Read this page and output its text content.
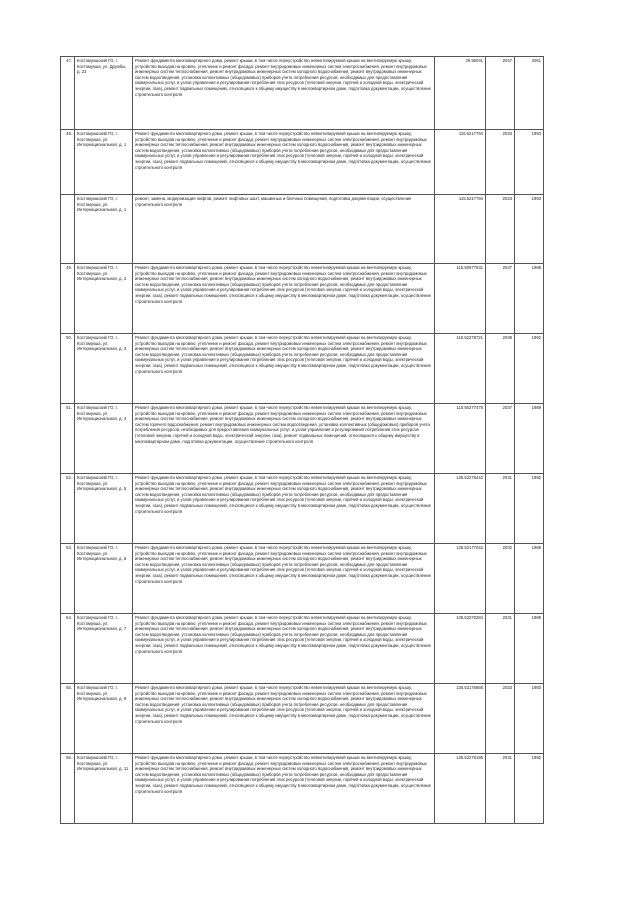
47.	Костомукшский ГО, г. Костомукша, ул. Дружбы, д. 23	Ремонт фундамента многоквартирного дома, ремонт крыши, в том числе переустройство невентилируемой крыши на вентилируемую крышу, устройство выходов на кровлю, утепление и ремонт фасада, ремонт внутридомовых инженерных систем электроснабжения, ремонт внутридомовых инженерных систем теплоснабжения, ремонт внутридомовых инженерных систем холодного водоснабжения, ремонт внутридомовых инженерных систем водоотведения, установка коллективных (общедомовых) приборов учета потребления ресурсов, необходимых для предоставления коммунальных услуг, и узлов управления и регулирования потребления этих ресурсов (тепловой энергии, горячей и холодной воды, электрической энергии, газа), ремонт подвальных помещений, относящихся к общему имуществу в многоквартирном доме, подготовка документации, осуществление строительного контроля	29 56031	2047	2051
48.	Костомукшский ГО, г. Костомукша, ул. Интернациональная, д. 1	Ремонт фундамента многоквартирного дома, ремонт крыши, в том числе переустройство невентилируемой крыши на вентилируемую крышу, устройство выходов на кровлю, утепление и ремонт фасада, ремонт внутридомовых инженерных систем электроснабжения, ремонт внутридомовых инженерных систем теплоснабжения, ремонт внутридомовых инженерных систем холодного водоснабжения, ремонт внутридомовых инженерных систем водоотведения, установка коллективных (общедомовых) приборов учета потребления ресурсов, необходимых для предоставления коммунальных услуг, и узлов управления и регулирования потребления этих ресурсов (тепловой энергии, горячей и холодной воды, электрической энергии, газа), ремонт подвальных помещений, относящихся к общему имуществу в многоквартирном доме, подготовка документации, осуществление строительного контроля	115.5217794	2033	1993
	Костомукшский ГО, г. Костомукша, ул. Интернациональная, д. 1	ремонт, замена, модернизация лифтов, ремонт лифтовых шахт, машинных и блочных помещений, подготовка документации, осуществление строительного контроля	115.5217794	2023	1993
49.	Костомукшский ГО, г. Костомукша, ул. Интернациональная, д. 2	Ремонт фундамента многоквартирного дома, ремонт крыши, в том числе переустройство невентилируемой крыши на вентилируемую крышу, устройство выходов на кровлю, утепление и ремонт фасада, ремонт внутридомовых инженерных систем электроснабжения, ремонт внутридомовых инженерных систем теплоснабжения, ремонт внутридомовых инженерных систем холодного водоснабжения, ремонт внутридомовых инженерных систем водоотведения, установка коллективных (общедомовых) приборов учета потребления ресурсов, необходимых для предоставления коммунальных услуг, и узлов управления и регулирования потребления этих ресурсов (тепловой энергии, горячей и холодной воды, электрической энергии, газа), ремонт подвальных помещений, относящихся к общему имуществу в многоквартирном доме, подготовка документации, осуществление строительного контроля	115.50977531	2037	1988
50.	Костомукшский ГО, г. Костомукша, ул. Интернациональная, д. 3	Ремонт фундамента многоквартирного дома, ремонт крыши, в том числе переустройство невентилируемой крыши на вентилируемую крышу, устройство выходов на кровлю, утепление и ремонт фасада, ремонт внутридомовых инженерных систем электроснабжения, ремонт внутридомовых инженерных систем теплоснабжения, ремонт внутридомовых инженерных систем холодного водоснабжения, ремонт внутридомовых инженерных систем водоотведения, установка коллективных (общедомовых) приборов учета потребления ресурсов, необходимых для предоставления коммунальных услуг, и узлов управления и регулирования потребления этих ресурсов (тепловой энергии, горячей и холодной воды, электрической энергии, газа), ремонт подвальных помещений, относящихся к общему имуществу в многоквартирном доме, подготовка документации, осуществление строительного контроля	115.52278721	2038	1992
51.	Костомукшский ГО, г. Костомукша, ул. Интернациональная, д. 4	Ремонт фундамента многоквартирного дома, ремонт крыши, в том числе переустройство невентилируемой крыши на вентилируемую крышу, устройство выходов на кровлю, утепление и ремонт фасада, ремонт внутридомовых инженерных систем электроснабжения, ремонт внутридомовых инженерных систем теплоснабжения, ремонт внутридомовых инженерных систем холодного водоснабжения, ремонт внутридомовых инженерных систем горячего водоснабжения, ремонт внутридомовых инженерных систем водоотведения, установка коллективных (общедомовых) приборов учета потребления ресурсов, необходимых для предоставления коммунальных услуг, и узлов управления и регулирования потребления этих ресурсов (тепловой энергии, горячей и холодной воды, электрической энергии, газа), ремонт подвальных помещений, относящихся к общему имуществу в многоквартирном доме, подготовка документации, осуществление строительного контроля	115.50277478	2037	1989
52.	Костомукшский ГО, г. Костомукша, ул. Интернациональная, д. 5	Ремонт фундамента многоквартирного дома, ремонт крыши, в том числе переустройство невентилируемой крыши на вентилируемую крышу, устройство выходов на кровлю, утепление и ремонт фасада, ремонт внутридомовых инженерных систем электроснабжения, ремонт внутридомовых инженерных систем теплоснабжения, ремонт внутридомовых инженерных систем холодного водоснабжения, ремонт внутридомовых инженерных систем водоотведения, установка коллективных (общедомовых) приборов учета потребления ресурсов, необходимых для предоставления коммунальных услуг, и узлов управления и регулирования потребления этих ресурсов (тепловой энергии, горячей и холодной воды, электрической энергии, газа), ремонт подвальных помещений, относящихся к общему имуществу в многоквартирном доме, подготовка документации, осуществление строительного контроля	135.52278442	2031	1992
53.	Костомукшский ГО, г. Костомукша, ул. Интернациональная, д. 6	Ремонт фундамента многоквартирного дома, ремонт крыши, в том числе переустройство невентилируемой крыши на вентилируемую крышу, устройство выходов на кровлю, утепление и ремонт фасада, ремонт внутридомовых инженерных систем электроснабжения, ремонт внутридомовых инженерных систем теплоснабжения, ремонт внутридомовых инженерных систем холодного водоснабжения, ремонт внутридомовых инженерных систем водоотведения, установка коллективных (общедомовых) приборов учета потребления ресурсов, необходимых для предоставления коммунальных услуг, и узлов управления и регулирования потребления этих ресурсов (тепловой энергии, горячей и холодной воды, электрической энергии, газа), ремонт подвальных помещений, относящихся к общему имуществу в многоквартирном доме, подготовка документации, осуществление строительного контроля	135.52177042	2032	1989
54.	Костомукшский ГО, г. Костомукша, ул. Интернациональная, д. 7	Ремонт фундамента многоквартирного дома, ремонт крыши, в том числе переустройство невентилируемой крыши на вентилируемую крышу, устройство выходов на кровлю, утепление и ремонт фасада, ремонт внутридомовых инженерных систем электроснабжения, ремонт внутридомовых инженерных систем теплоснабжения, ремонт внутридомовых инженерных систем холодного водоснабжения, ремонт внутридомовых инженерных систем водоотведения, установка коллективных (общедомовых) приборов учета потребления ресурсов, необходимых для предоставления коммунальных услуг, и узлов управления и регулирования потребления этих ресурсов (тепловой энергии, горячей и холодной воды, электрической энергии, газа), ремонт подвальных помещений, относящихся к общему имуществу в многоквартирном доме, подготовка документации, осуществление строительного контроля	135.52276284	2031	1989
55.	Костомукшский ГО, г. Костомукша, ул. Интернациональная, д. 9	Ремонт фундамента многоквартирного дома, ремонт крыши, в том числе переустройство невентилируемой крыши на вентилируемую крышу, устройство выходов на кровлю, утепление и ремонт фасада, ремонт внутридомовых инженерных систем электроснабжения, ремонт внутридомовых инженерных систем теплоснабжения, ремонт внутридомовых инженерных систем холодного водоснабжения, ремонт внутридомовых инженерных систем водоотведения, установка коллективных (общедомовых) приборов учета потребления ресурсов, необходимых для предоставления коммунальных услуг, и узлов управления и регулирования потребления этих ресурсов (тепловой энергии, горячей и холодной воды, электрической энергии, газа), ремонт подвальных помещений, относящихся к общему имуществу в многоквартирном доме, подготовка документации, осуществление строительного контроля	135.52176666	2033	1993
56.	Костомукшский ГО, г. Костомукша, ул. Интернациональная, д. 11	Ремонт фундамента многоквартирного дома, ремонт крыши, в том числе переустройство невентилируемой крыши на вентилируемую крышу, устройство выходов на кровлю, утепление и ремонт фасада, ремонт внутридомовых инженерных систем электроснабжения, ремонт внутридомовых инженерных систем теплоснабжения, ремонт внутридомовых инженерных систем холодного водоснабжения, ремонт внутридомовых инженерных систем водоотведения, установка коллективных (общедомовых) приборов учета потребления ресурсов, необходимых для предоставления коммунальных услуг, и узлов управления и регулирования потребления этих ресурсов (тепловой энергии, горячей и холодной воды, электрической энергии, газа), ремонт подвальных помещений, относящихся к общему имуществу в многоквартирном доме, подготовка документации, осуществление строительного контроля	135.52276195	2031	1992
